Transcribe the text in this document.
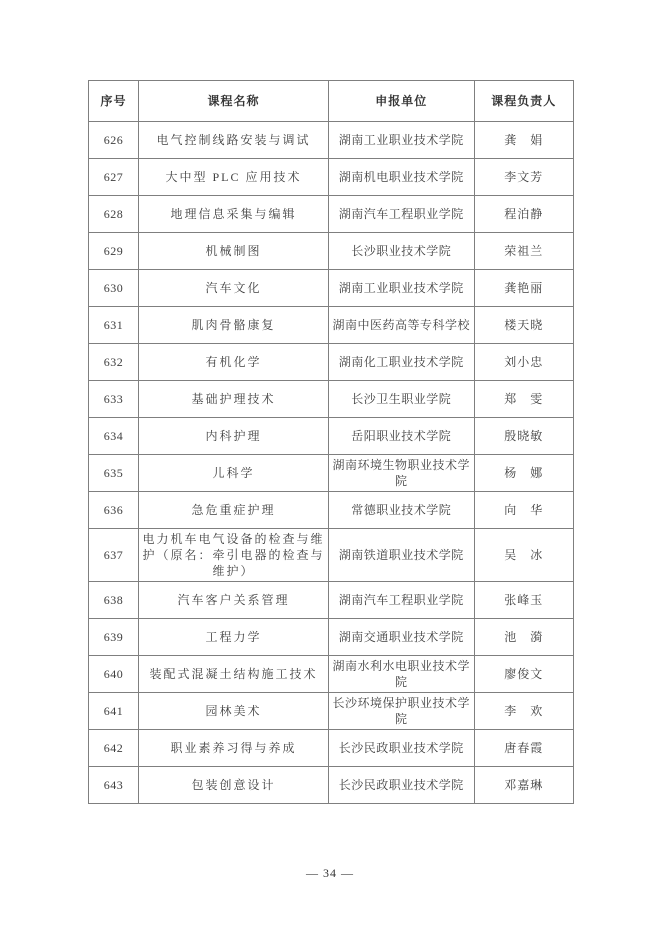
序号	课程名称	申报单位	课程负责人
626	电气控制线路安装与调试	湖南工业职业技术学院	龚　娟
627	大中型 PLC 应用技术	湖南机电职业技术学院	李文芳
628	地理信息采集与编辑	湖南汽车工程职业学院	程泊静
629	机械制图	长沙职业技术学院	荣祖兰
630	汽车文化	湖南工业职业技术学院	龚艳丽
631	肌肉骨骼康复	湖南中医药高等专科学校	楼天晓
632	有机化学	湖南化工职业技术学院	刘小忠
633	基础护理技术	长沙卫生职业学院	郑　雯
634	内科护理	岳阳职业技术学院	殷晓敏
635	儿科学	湖南环境生物职业技术学院	杨　娜
636	急危重症护理	常德职业技术学院	向　华
637	电力机车电气设备的检查与维护（原名：牵引电器的检查与维护）	湖南铁道职业技术学院	吴　冰
638	汽车客户关系管理	湖南汽车工程职业学院	张峰玉
639	工程力学	湖南交通职业技术学院	池　漪
640	装配式混凝土结构施工技术	湖南水利水电职业技术学院	廖俊文
641	园林美术	长沙环境保护职业技术学院	李　欢
642	职业素养习得与养成	长沙民政职业技术学院	唐春霞
643	包装创意设计	长沙民政职业技术学院	邓嘉琳
— 34 —
